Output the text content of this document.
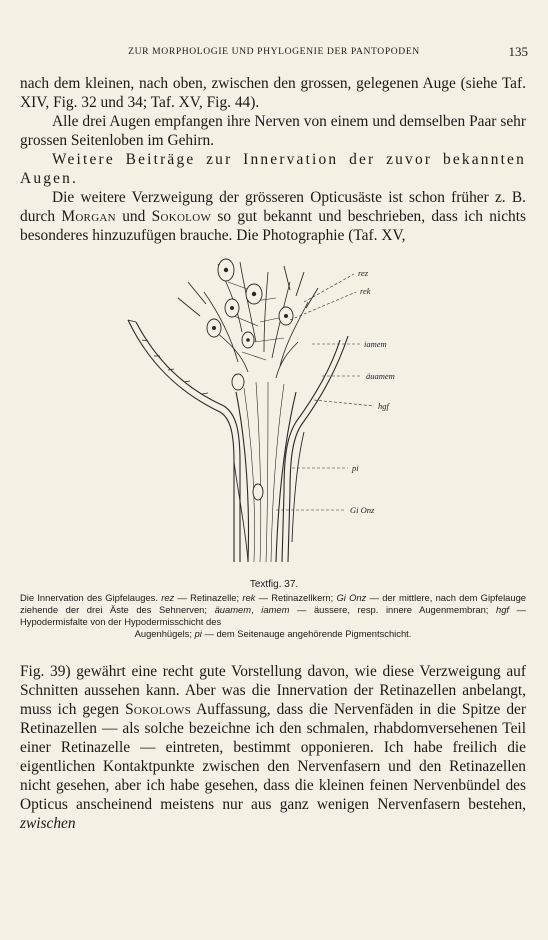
ZUR MORPHOLOGIE UND PHYLOGENIE DER PANTOPODEN	135

nach dem kleinen, nach oben, zwischen den grossen, gelegenen Auge (siehe Taf. XIV, Fig. 32 und 34; Taf. XV, Fig. 44).

Alle drei Augen empfangen ihre Nerven von einem und demselben Paar sehr grossen Seitenloben im Gehirn.

Weitere Beiträge zur Innervation der zuvor bekannten Augen.

Die weitere Verzweigung der grösseren Opticusäste ist schon früher z. B. durch Morgan und Sokolow so gut bekannt und beschrieben, dass ich nichts besonderes hinzuzufügen brauche. Die Photographie (Taf. XV,

rez
rek
iamem
äuamem
hgf
pi
Gi Onz
Textfig. 37.

Die Innervation des Gipfelauges. rez — Retinazelle; rek — Retinazellkern; Gi Onz — der mittlere, nach dem Gipfelauge ziehende der drei Äste des Sehnerven; äuamem, iamem — äussere, resp. innere Augenmembran; hgf — Hypodermisfalte von der Hypodermisschicht des
Augenhügels; pi — dem Seitenauge angehörende Pigmentschicht.

Fig. 39) gewährt eine recht gute Vorstellung davon, wie diese Verzweigung auf Schnitten aussehen kann. Aber was die Innervation der Retinazellen anbelangt, muss ich gegen Sokolows Auffassung, dass die Nervenfäden in die Spitze der Retinazellen — als solche bezeichne ich den schmalen, rhabdomversehenen Teil einer Retinazelle — eintreten, bestimmt opponieren. Ich habe freilich die eigentlichen Kontaktpunkte zwischen den Nervenfasern und den Retinazellen nicht gesehen, aber ich habe gesehen, dass die kleinen feinen Nervenbündel des Opticus anscheinend meistens nur aus ganz wenigen Nervenfasern bestehen, zwischen
